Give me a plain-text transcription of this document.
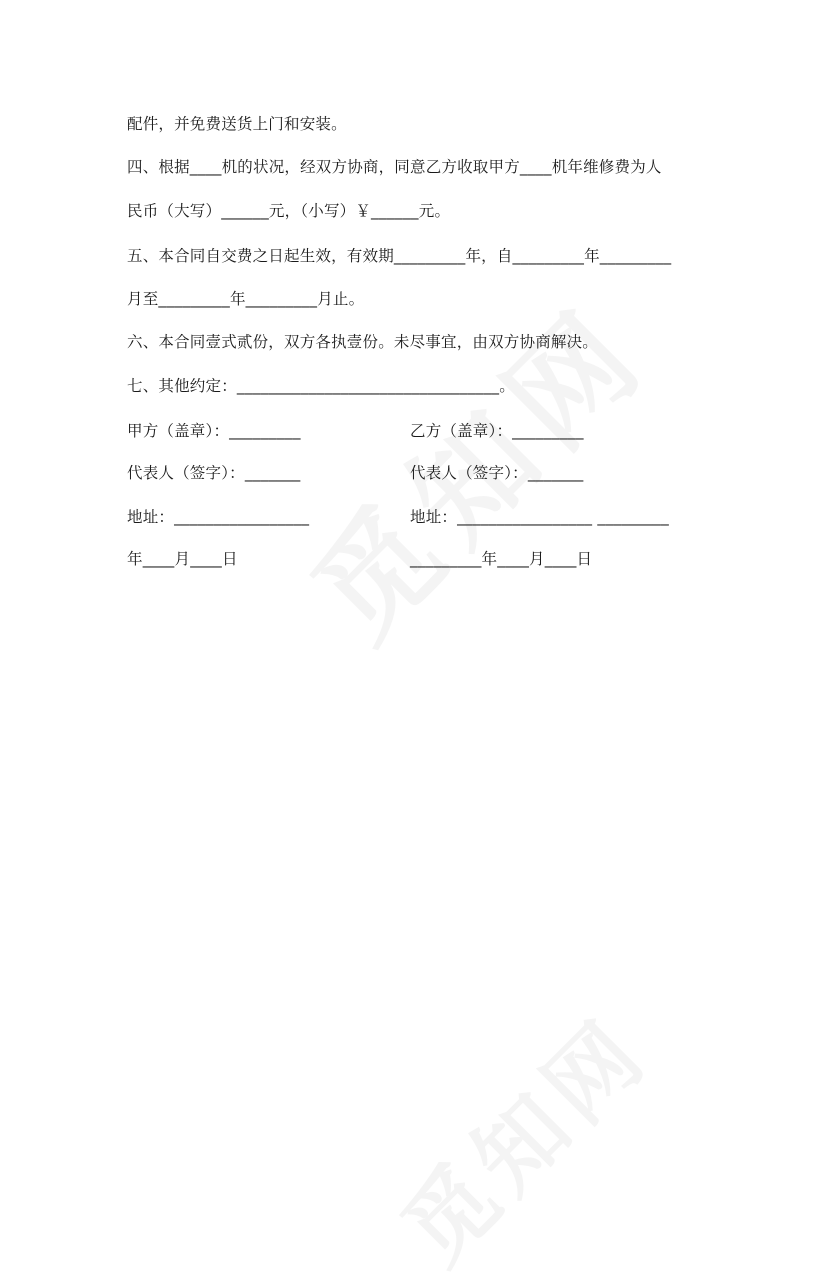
配件，并免费送货上门和安装。
四、根据____机的状况，经双方协商，同意乙方收取甲方____机年维修费为人
民币（大写）______元，（小写）￥______元。
五、本合同自交费之日起生效，有效期_________年，自_________年_________
月至_________年_________月止。
六、本合同壹式贰份，双方各执壹份。未尽事宜，由双方协商解决。
七、其他约定：_________________________________。
甲方（盖章）：_________	乙方（盖章）：_________
代表人（签字）：_______	代表人（签字）：_______
地址：_________________	地址：_________________ _________
年____月____日	_________年____月____日
